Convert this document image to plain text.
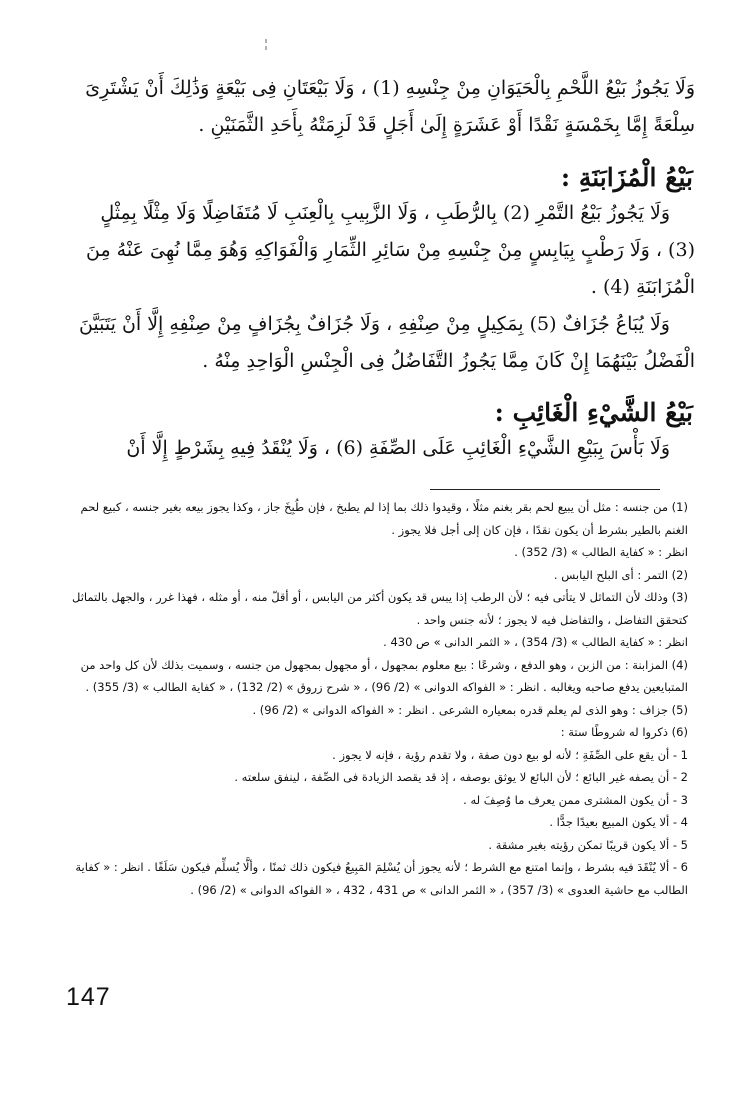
وَلَا يَجُوزُ بَيْعُ اللَّحْمِ بِالْحَيَوَانِ مِنْ جِنْسِهِ (1) ، وَلَا بَيْعَتَانِ فِى بَيْعَةٍ وَذَٰلِكَ أَنْ يَشْتَرِىَ سِلْعَةً إِمَّا بِخَمْسَةٍ نَقْدًا أَوْ عَشَرَةٍ إِلَىٰ أَجَلٍ قَدْ لَزِمَتْهُ بِأَحَدِ الثَّمَنَيْنِ .
بَيْعُ الْمُزَابَنَةِ :
وَلَا يَجُوزُ بَيْعُ التَّمْرِ (2) بِالرُّطَبِ ، وَلَا الزَّبِيبِ بِالْعِنَبِ لَا مُتَفَاضِلًا وَلَا مِثْلًا بِمِثْلٍ (3) ، وَلَا رَطْبٍ بِيَابِسٍ مِنْ جِنْسِهِ مِنْ سَائِرِ الثِّمَارِ وَالْفَوَاكِهِ وَهُوَ مِمَّا نُهِىَ عَنْهُ مِنَ الْمُزَابَنَةِ (4) .
وَلَا يُبَاعُ جُزَافٌ (5) بِمَكِيلٍ مِنْ صِنْفِهِ ، وَلَا جُزَافٌ بِجُزَافٍ مِنْ صِنْفِهِ إِلَّا أَنْ يَتَبَيَّنَ الْفَضْلُ بَيْنَهُمَا إِنْ كَانَ مِمَّا يَجُوزُ التَّفَاضُلُ فِى الْجِنْسِ الْوَاحِدِ مِنْهُ .
بَيْعُ الشَّيْءِ الْغَائِبِ :
وَلَا بَأْسَ بِبَيْعِ الشَّيْءِ الْغَائِبِ عَلَى الصِّفَةِ (6) ، وَلَا يُنْقَدُ فِيهِ بِشَرْطٍ إِلَّا أَنْ
(1) من جنسه : مثل أن يبيع لحم بقر بغنم مثلًا ، وقيدوا ذلك بما إذا لم يطبخ ، فإن طُبِخَ جاز ، وكذا يجوز بيعه بغير جنسه ، كبيع لحم الغنم بالطير بشرط أن يكون نقدًا ، فإن كان إلى أجل فلا يجوز .
انظر : « كفاية الطالب » (3/ 352) .
(2) التمر : أى البلح اليابس .
(3) وذلك لأن التماثل لا يتأتى فيه ؛ لأن الرطب إذا يبس قد يكون أكثر من اليابس ، أو أقلّ منه ، أو مثله ، فهذا غرر ، والجهل بالتماثل كتحقق التفاضل ، والتفاضل فيه لا يجوز ؛ لأنه جنس واحد .
انظر : « كفاية الطالب » (3/ 354) ، « الثمر الدانى » ص 430 .
(4) المزابنة : من الزبن ، وهو الدفع ، وشرعًا : بيع معلوم بمجهول ، أو مجهول بمجهول من جنسه ، وسميت بذلك لأن كل واحد من المتبايعين يدفع صاحبه ويغالبه . انظر : « الفواكه الدوانى » (2/ 96) ، « شرح زروق » (2/ 132) ، « كفاية الطالب » (3/ 355) .
(5) جزاف : وهو الذى لم يعلم قدره بمعياره الشرعى . انظر : « الفواكه الدوانى » (2/ 96) .
(6) ذكروا له شروطًا ستة :
1 - أن يقع على الصِّفَةِ ؛ لأنه لو بيع دون صفة ، ولا تقدم رؤية ، فإنه لا يجوز .
2 - أن يصفه غير البائع ؛ لأن البائع لا يوثق بوصفه ، إذ قد يقصد الزيادة فى الصِّفة ، لينفق سلعته .
3 - أن يكون المشترى ممن يعرف ما وُصِفَ له .
4 - ألا يكون المبيع بعيدًا جدًّا .
5 - ألا يكون قريبًا تمكن رؤيته بغير مشقة .
6 - ألا يُنْقَدَ فيه بشرط ، وإنما امتنع مع الشرط ؛ لأنه يجوز أن يُسْلِمَ المَبِيعُ فيكون ذلك ثمنًا ، وألَّا يُسلِّم فيكون سَلَفًا . انظر : « كفاية الطالب مع حاشية العدوى » (3/ 357) ، « الثمر الدانى » ص 431 ، 432 ، « الفواكه الدوانى » (2/ 96) .
147
